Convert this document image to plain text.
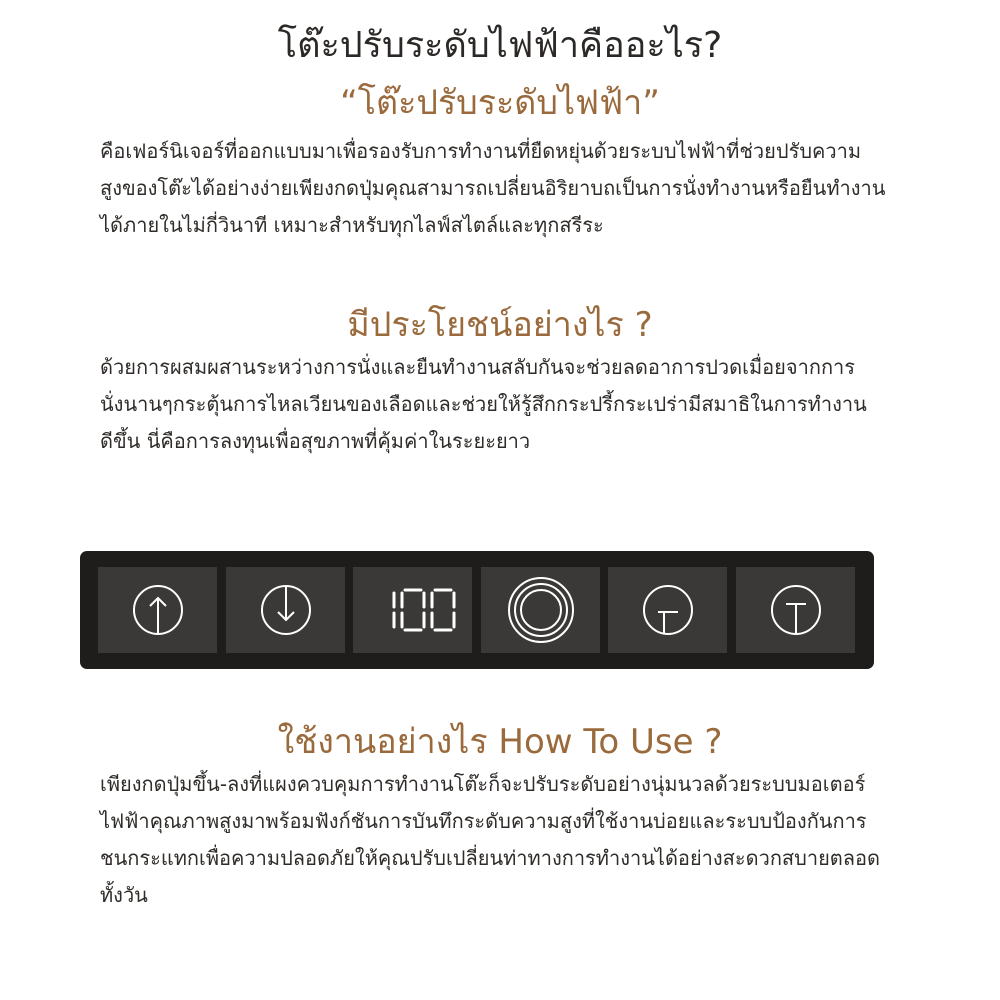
โต๊ะปรับระดับไฟฟ้าคืออะไร?
“โต๊ะปรับระดับไฟฟ้า”

คือเฟอร์นิเจอร์ที่ออกแบบมาเพื่อรองรับการทำงานที่ยืดหยุ่นด้วยระบบไฟฟ้าที่ช่วยปรับความ
สูงของโต๊ะได้อย่างง่ายเพียงกดปุ่มคุณสามารถเปลี่ยนอิริยาบถเป็นการนั่งทำงานหรือยืนทำงาน
ได้ภายในไม่กี่วินาที เหมาะสำหรับทุกไลฟ์สไตล์และทุกสรีระ

มีประโยชน์อย่างไร ?

ด้วยการผสมผสานระหว่างการนั่งและยืนทำงานสลับกันจะช่วยลดอาการปวดเมื่อยจากการ
นั่งนานๆกระตุ้นการไหลเวียนของเลือดและช่วยให้รู้สึกกระปรี้กระเปร่ามีสมาธิในการทำงาน
ดีขึ้น นี่คือการลงทุนเพื่อสุขภาพที่คุ้มค่าในระยะยาว

ใช้งานอย่างไร How To Use ?

เพียงกดปุ่มขึ้น-ลงที่แผงควบคุมการทำงานโต๊ะก็จะปรับระดับอย่างนุ่มนวลด้วยระบบมอเตอร์
ไฟฟ้าคุณภาพสูงมาพร้อมฟังก์ชันการบันทึกระดับความสูงที่ใช้งานบ่อยและระบบป้องกันการ
ชนกระแทกเพื่อความปลอดภัยให้คุณปรับเปลี่ยนท่าทางการทำงานได้อย่างสะดวกสบายตลอด
ทั้งวัน
